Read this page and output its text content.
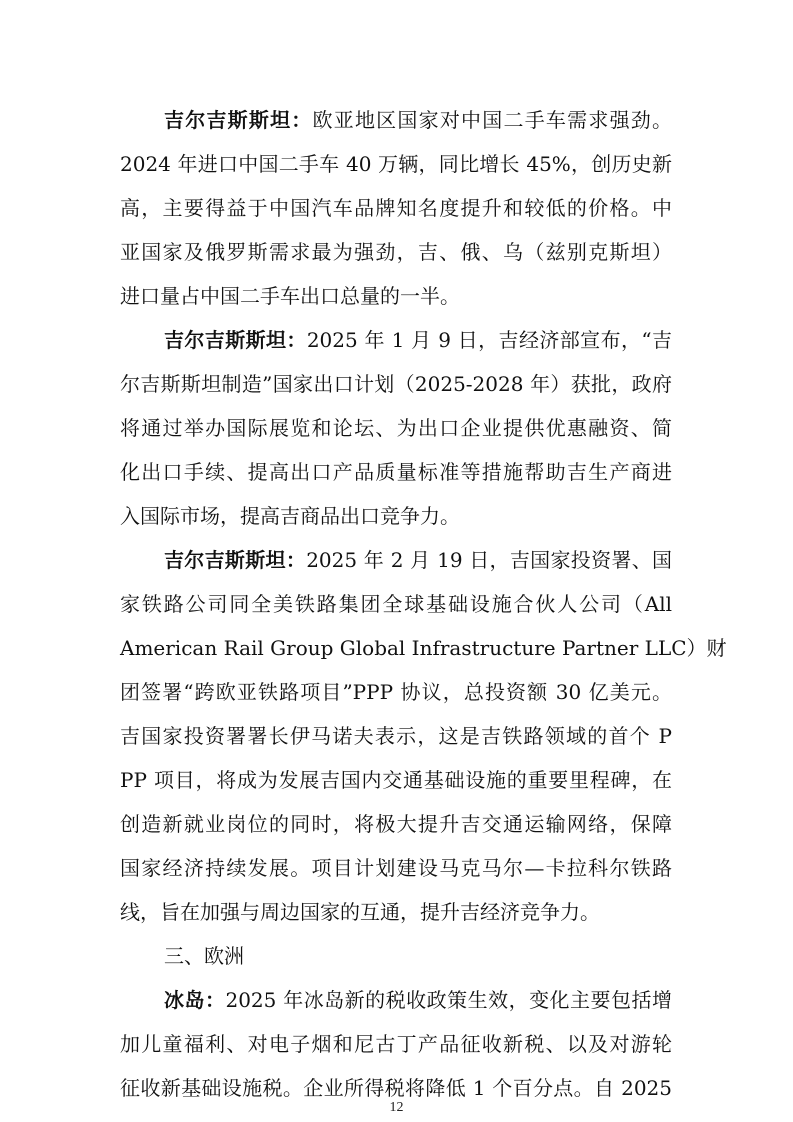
吉尔吉斯斯坦：欧亚地区国家对中国二手车需求强劲。
2024 年进口中国二手车 40 万辆，同比增长 45%，创历史新
高，主要得益于中国汽车品牌知名度提升和较低的价格。中
亚国家及俄罗斯需求最为强劲，吉、俄、乌（兹别克斯坦）
进口量占中国二手车出口总量的一半。
吉尔吉斯斯坦：2025 年 1 月 9 日，吉经济部宣布，“吉
尔吉斯斯坦制造”国家出口计划（2025-2028 年）获批，政府
将通过举办国际展览和论坛、为出口企业提供优惠融资、简
化出口手续、提高出口产品质量标准等措施帮助吉生产商进
入国际市场，提高吉商品出口竞争力。
吉尔吉斯斯坦：2025 年 2 月 19 日，吉国家投资署、国
家铁路公司同全美铁路集团全球基础设施合伙人公司（All
American Rail Group Global Infrastructure Partner LLC）财
团签署“跨欧亚铁路项目”PPP 协议，总投资额 30 亿美元。
吉国家投资署署长伊马诺夫表示，这是吉铁路领域的首个 P
PP 项目，将成为发展吉国内交通基础设施的重要里程碑，在
创造新就业岗位的同时，将极大提升吉交通运输网络，保障
国家经济持续发展。项目计划建设马克马尔—卡拉科尔铁路
线，旨在加强与周边国家的互通，提升吉经济竞争力。
三、欧洲
冰岛：2025 年冰岛新的税收政策生效，变化主要包括增
加儿童福利、对电子烟和尼古丁产品征收新税、以及对游轮
征收新基础设施税。企业所得税将降低 1 个百分点。自 2025
12
